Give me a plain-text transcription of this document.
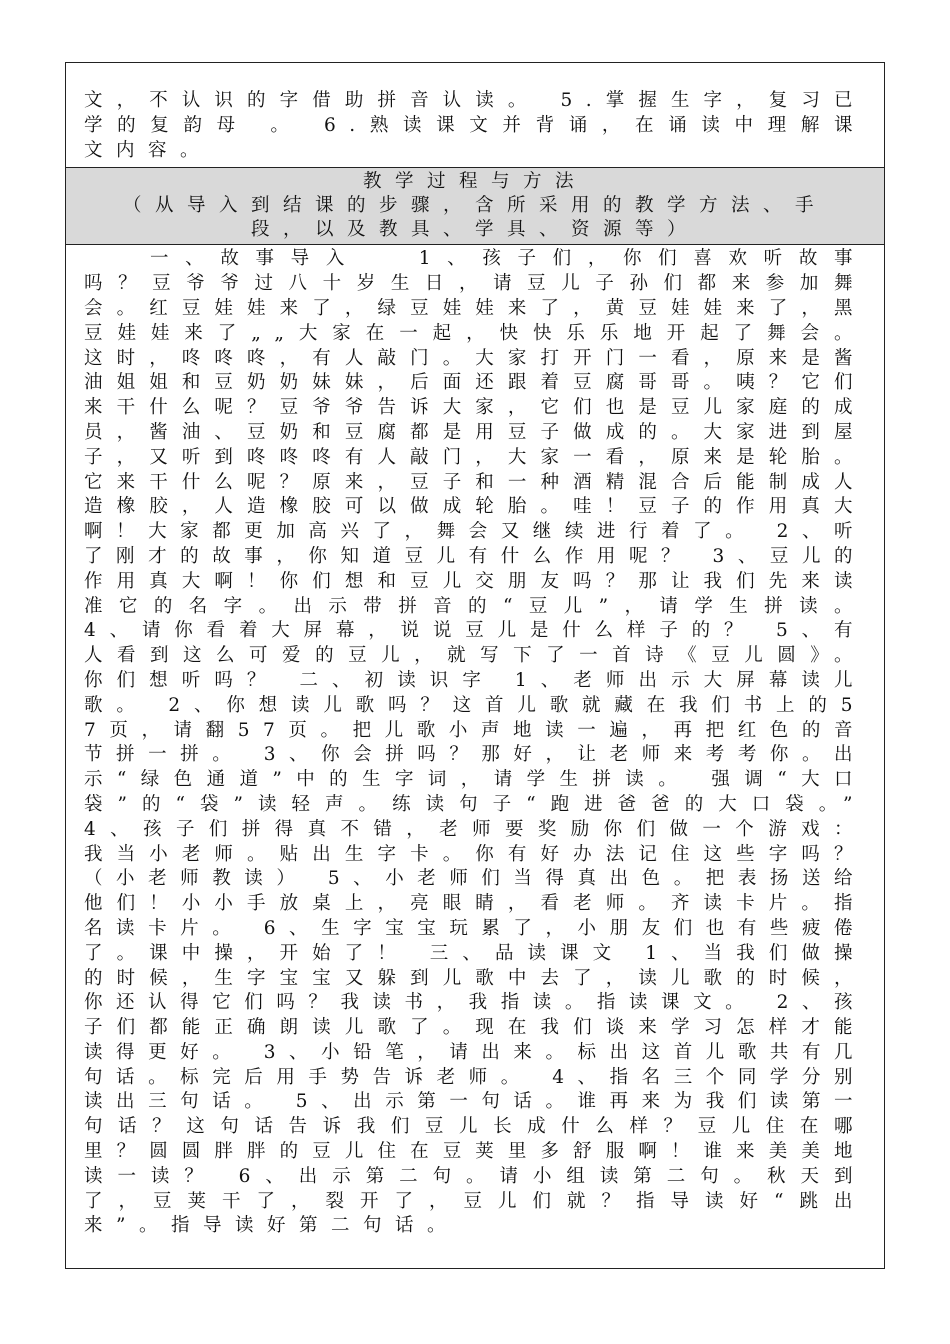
文，不认识的字借助拼音认读。 5.掌握生字，复习已学的复韵母 。 6.熟读课文并背诵，在诵读中理解课文内容。

教学过程与方法

（从导入到结课的步骤，含所采用的教学方法、手段，以及教具、学具、资源等）

一、故事导入　 1、孩子们，你们喜欢听故事吗？豆爷爷过八十岁生日，请豆儿子孙们都来参加舞会。红豆娃娃来了，绿豆娃娃来了，黄豆娃娃来了，黑豆娃娃来了„„大家在一起，快快乐乐地开起了舞会。这时，咚咚咚，有人敲门。大家打开门一看，原来是酱油姐姐和豆奶奶妹妹，后面还跟着豆腐哥哥。咦？它们来干什么呢？豆爷爷告诉大家，它们也是豆儿家庭的成员，酱油、豆奶和豆腐都是用豆子做成的。大家进到屋子，又听到咚咚咚有人敲门，大家一看，原来是轮胎。它来干什么呢？原来，豆子和一种酒精混合后能制成人造橡胶，人造橡胶可以做成轮胎。哇！豆子的作用真大啊！大家都更加高兴了，舞会又继续进行着了。 2、听了刚才的故事，你知道豆儿有什么作用呢？ 3、豆儿的作用真大啊！你们想和豆儿交朋友吗？那让我们先来读准它的名字。出示带拼音的“豆儿”，请学生拼读。 4、请你看着大屏幕，说说豆儿是什么样子的？ 5、有人看到这么可爱的豆儿，就写下了一首诗《豆儿圆》。你们想听吗？ 二、初读识字 1、老师出示大屏幕读儿歌。 2、你想读儿歌吗？这首儿歌就藏在我们书上的57页，请翻57页。把儿歌小声地读一遍，再把红色的音节拼一拼。 3、你会拼吗？那好，让老师来考考你。出示“绿色通道”中的生字词，请学生拼读。 强调“大口袋”的“袋”读轻声。练读句子“跑进爸爸的大口袋。” 4、孩子们拼得真不错，老师要奖励你们做一个游戏：我当小老师。贴出生字卡。你有好办法记住这些字吗？（小老师教读） 5、小老师们当得真出色。把表扬送给他们！小小手放桌上，亮眼睛，看老师。齐读卡片。指名读卡片。 6、生字宝宝玩累了，小朋友们也有些疲倦了。课中操，开始了！ 三、品读课文 1、当我们做操的时候，生字宝宝又躲到儿歌中去了，读儿歌的时候，你还认得它们吗？我读书，我指读。指读课文。 2、孩子们都能正确朗读儿歌了。现在我们谈来学习怎样才能读得更好。 3、小铅笔，请出来。标出这首儿歌共有几句话。标完后用手势告诉老师。 4、指名三个同学分别读出三句话。 5、出示第一句话。谁再来为我们读第一句话？这句话告诉我们豆儿长成什么样？豆儿住在哪里？圆圆胖胖的豆儿住在豆荚里多舒服啊！谁来美美地读一读？ 6、出示第二句。请小组读第二句。秋天到了，豆荚干了，裂开了，豆儿们就？指导读好“跳出来”。指导读好第二句话。
